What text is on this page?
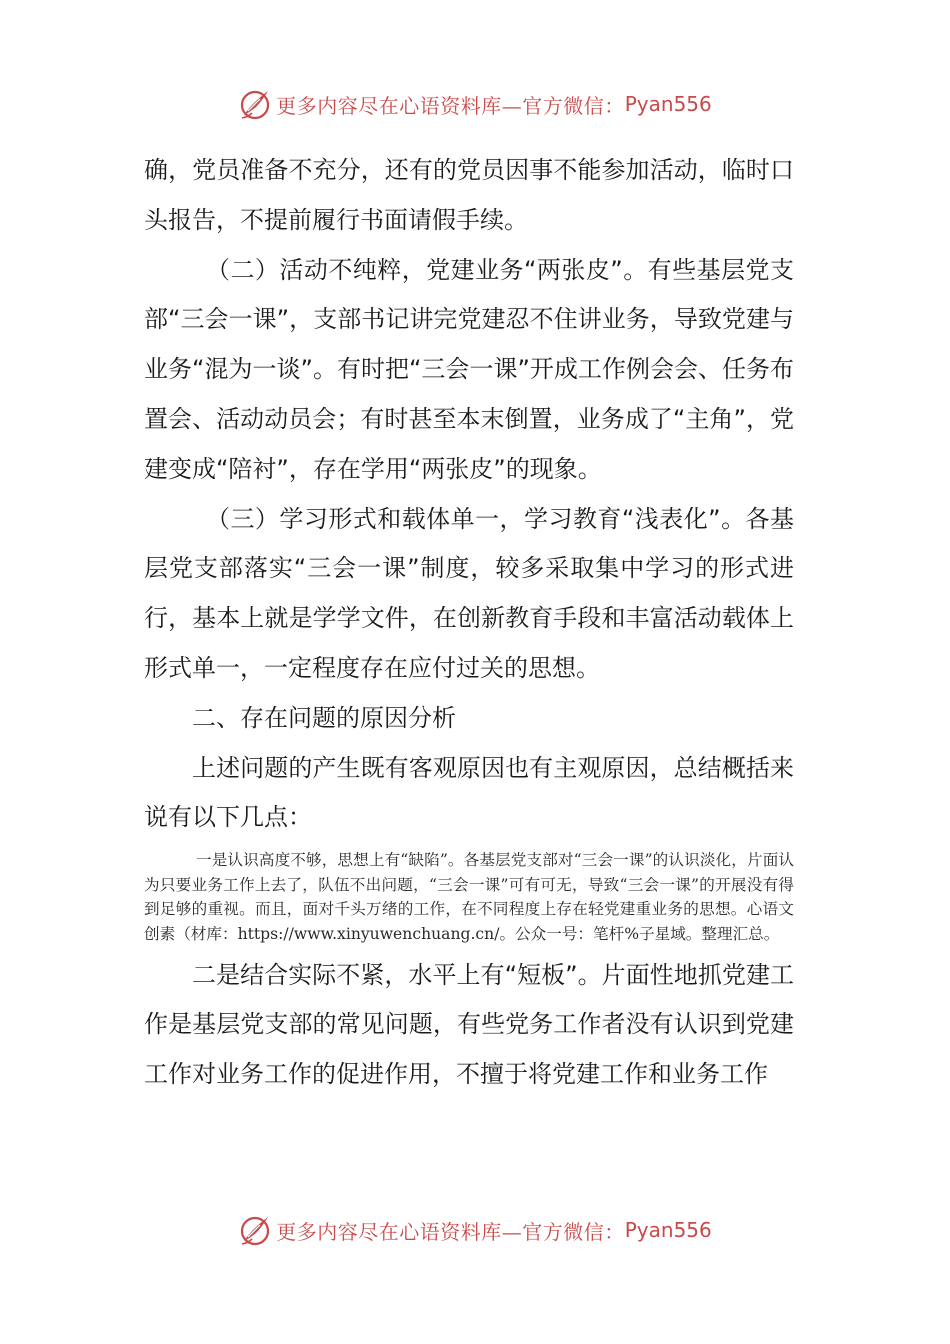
更多内容尽在心语资料库—官方微信： Pyan556

确，党员准备不充分，还有的党员因事不能参加活动，临时口头报告，不提前履行书面请假手续。

（二）活动不纯粹，党建业务“两张皮”。有些基层党支部“三会一课”，支部书记讲完党建忍不住讲业务，导致党建与业务“混为一谈”。有时把“三会一课”开成工作例会会、任务布置会、活动动员会；有时甚至本末倒置，业务成了“主角”，党建变成“陪衬”，存在学用“两张皮”的现象。

（三）学习形式和载体单一，学习教育“浅表化”。各基层党支部落实“三会一课”制度，较多采取集中学习的形式进行，基本上就是学学文件，在创新教育手段和丰富活动载体上形式单一，一定程度存在应付过关的思想。

二、存在问题的原因分析

上述问题的产生既有客观原因也有主观原因，总结概括来说有以下几点：

一是认识高度不够，思想上有“缺陷”。各基层党支部对“三会一课”的认识淡化，片面认为只要业务工作上去了，队伍不出问题，“三会一课”可有可无，导致“三会一课”的开展没有得到足够的重视。而且，面对千头万绪的工作，在不同程度上存在轻党建重业务的思想。心语文创素（材库：https://www.xinyuwenchuang.cn/。公众一号：笔杆%子星域。整理汇总。

二是结合实际不紧，水平上有“短板”。片面性地抓党建工作是基层党支部的常见问题，有些党务工作者没有认识到党建工作对业务工作的促进作用，不擅于将党建工作和业务工作

更多内容尽在心语资料库—官方微信： Pyan556
